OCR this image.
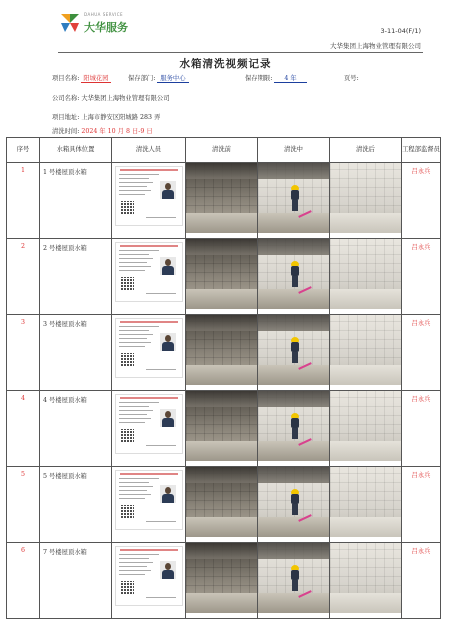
DAHUA SERVICE
大华服务	3-11-04(F/1)
大华集团上海物业管理有限公司
水箱清洗视频记录
项目名称: 阳城花园	保存部门: 服务中心	保存期限: 4 年	页号:
公司名称: 大华集团上海物业管理有限公司
项目地址: 上海市静安区阳城路 283 弄
清洗时间: 2024 年 10 月 8 日-9 日
序号	水箱具体位置	清洗人员	清洗前	清洗中	清洗后	工程部监督员
1	1 号楼屋顶水箱					吕永兵

2	2 号楼屋顶水箱					吕永兵

3	3 号楼屋顶水箱					吕永兵

4	4 号楼屋顶水箱					吕永兵

5	5 号楼屋顶水箱					吕永兵

6	7 号楼屋顶水箱					吕永兵
